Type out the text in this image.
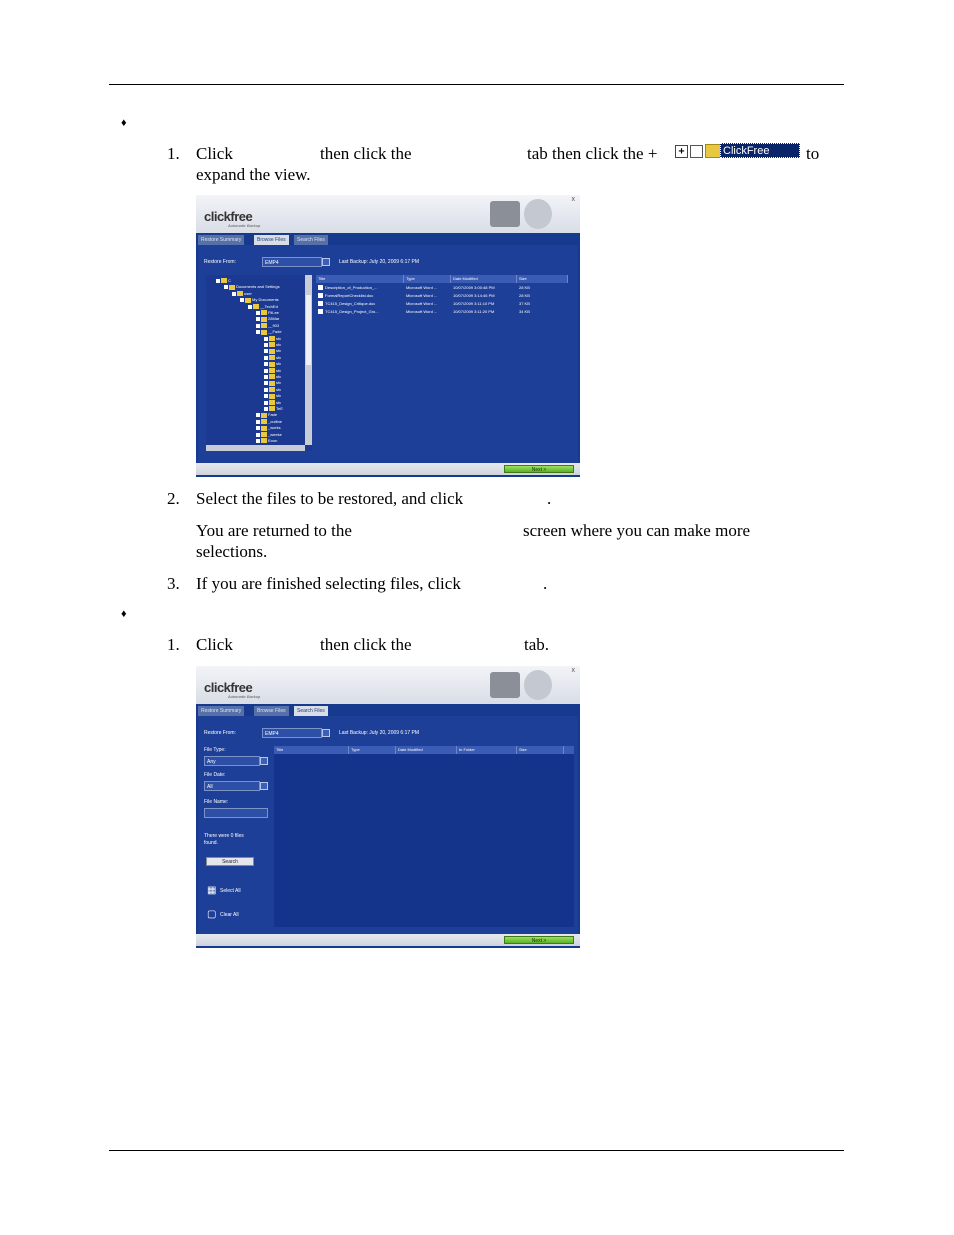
♦
1. Click	then click the	tab then click the +	+	ClickFree Backup
to
expand the view.
clickfree
Automatic Backup
x
Restore Summary	Browse Files	Search Files
Restore From:	EMP4	Last Backup: July 20, 2009 6:17 PM
C
Documents and Settings
user
My Documents
__TechEd
FiiLee
28Mar
__903
__Fade
sfc
sfc
sfc
sfc
sfc
sfc
sfc
sfc
sfc
sfc
sfc
TeE
Fade
_outline
_works
_weeke
Eoon
Title	Type	Date Modified	Size
Description_of_Production_...	Microsoft Word ...	10/07/2009 3:00:48 PM	28 KB
FormalReportChecklist.doc	Microsoft Word ...	10/07/2009 3:14:46 PM	28 KB
TC415_Design_Critique.doc	Microsoft Word ...	10/07/2009 3:11:10 PM	37 KB
TC415_Design_Project_Gro...	Microsoft Word ...	10/07/2009 3:11:20 PM	34 KB
Next >
2. Select the files to be restored, and click	.
You are returned to the	screen where you can make more
selections.
3. If you are finished selecting files, click	.
♦
1. Click	then click the	tab.
clickfree
Automatic Backup
x
Restore Summary	Browse Files	Search Files
Restore From:	EMP4	Last Backup: July 20, 2009 6:17 PM
File Type:
Any
File Date:
All
File Name:
There were 0 files
found.
Search
▦ Select All
▢ Clear All
Title	Type	Date Modified	In Folder	Size
Next >
